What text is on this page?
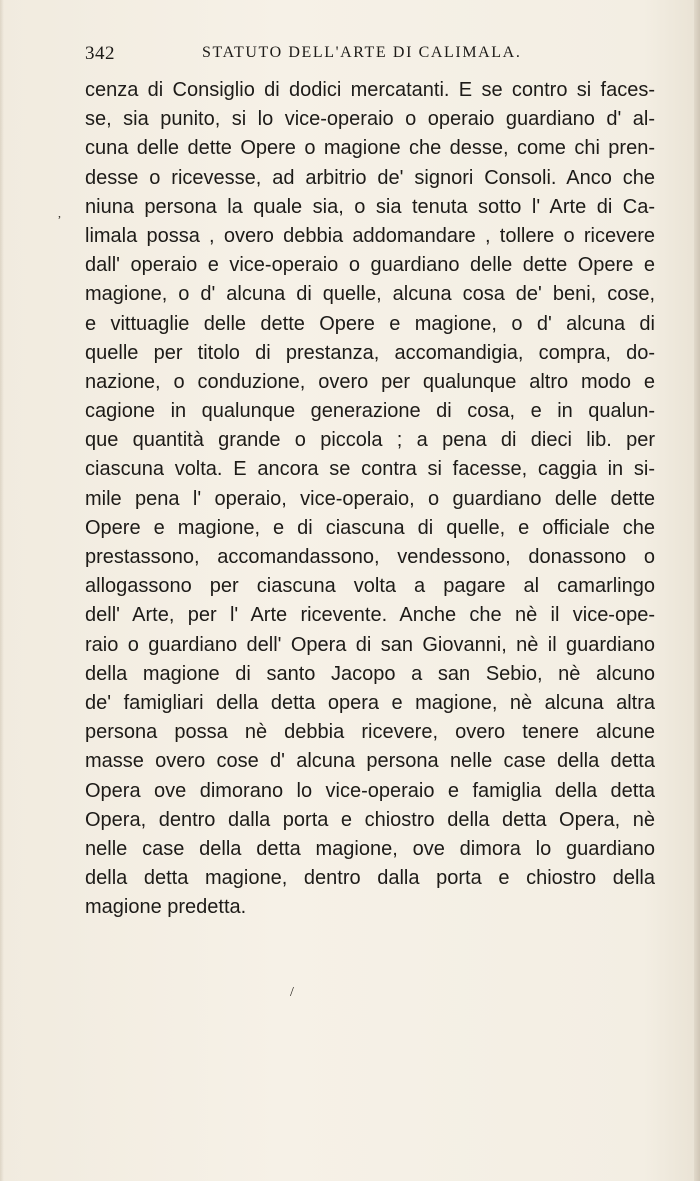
342	STATUTO DELL'ARTE DI CALIMALA.
cenza di Consiglio di dodici mercatanti. E se contro si faces-
se, sia punito, si lo vice-operaio o operaio guardiano d' al-
cuna delle dette Opere o magione che desse, come chi pren-
desse o ricevesse, ad arbitrio de' signori Consoli. Anco che
niuna persona la quale sia, o sia tenuta sotto l' Arte di Ca-
limala possa , overo debbia addomandare , tollere o ricevere
dall' operaio e vice-operaio o guardiano delle dette Opere e
magione, o d' alcuna di quelle, alcuna cosa de' beni, cose,
e vittuaglie delle dette Opere e magione, o d' alcuna di
quelle per titolo di prestanza, accomandigia, compra, do-
nazione, o conduzione, overo per qualunque altro modo e
cagione in qualunque generazione di cosa, e in qualun-
que quantità grande o piccola ; a pena di dieci lib. per
ciascuna volta. E ancora se contra si facesse, caggia in si-
mile pena l' operaio, vice-operaio, o guardiano delle dette
Opere e magione, e di ciascuna di quelle, e officiale che
prestassono, accomandassono, vendessono, donassono o
allogassono per ciascuna volta a pagare al camarlingo
dell' Arte, per l' Arte ricevente. Anche che nè il vice-ope-
raio o guardiano dell' Opera di san Giovanni, nè il guardiano
della magione di santo Jacopo a san Sebio, nè alcuno
de' famigliari della detta opera e magione, nè alcuna altra
persona possa nè debbia ricevere, overo tenere alcune
masse overo cose d' alcuna persona nelle case della detta
Opera ove dimorano lo vice-operaio e famiglia della detta
Opera, dentro dalla porta e chiostro della detta Opera, nè
nelle case della detta magione, ove dimora lo guardiano
della detta magione, dentro dalla porta e chiostro della
magione predetta.
,
/
